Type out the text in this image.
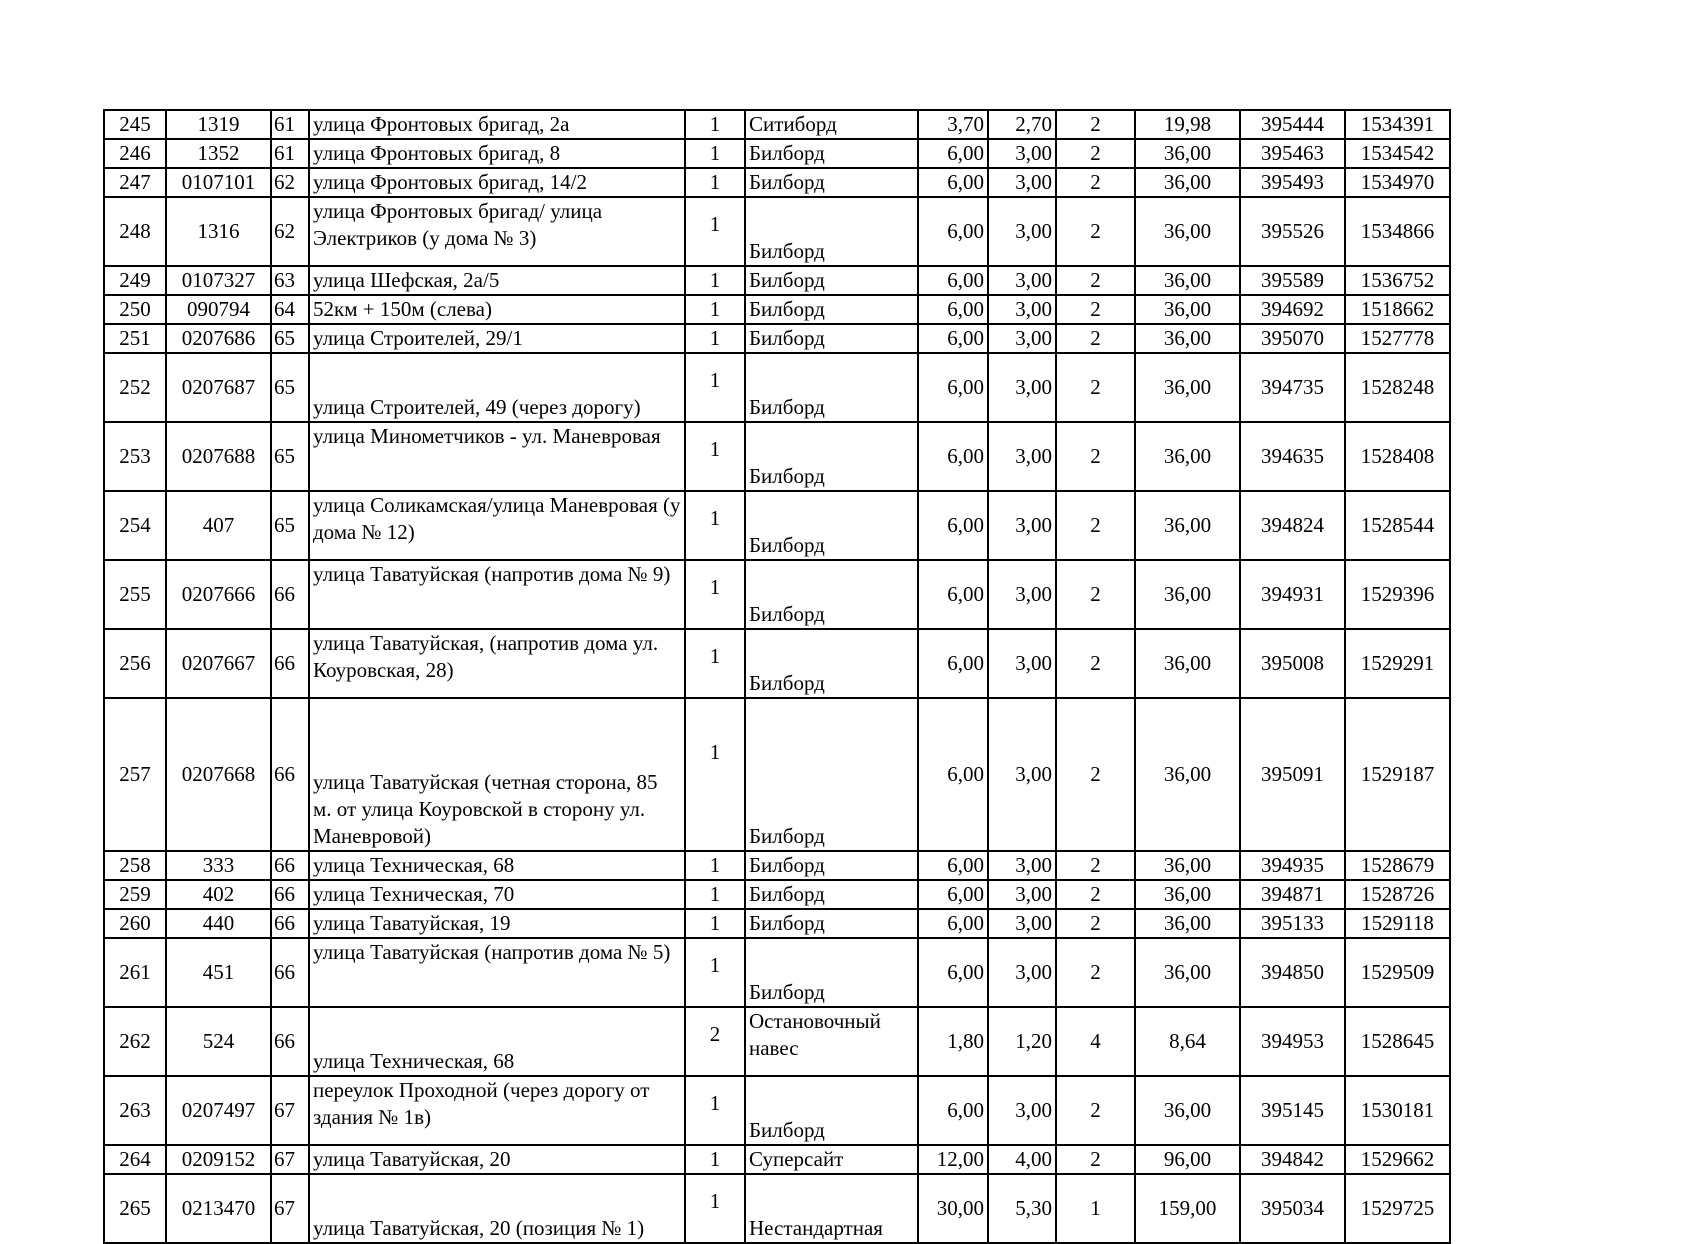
245	1319	61	улица Фронтовых бригад, 2а	1	Ситиборд	3,70	2,70	2	19,98	395444	1534391
246	1352	61	улица Фронтовых бригад, 8	1	Билборд	6,00	3,00	2	36,00	395463	1534542
247	0107101	62	улица Фронтовых бригад, 14/2	1	Билборд	6,00	3,00	2	36,00	395493	1534970
248	1316	62	улица Фронтовых бригад/ улица Электриков (у дома № 3)	1	Билборд	6,00	3,00	2	36,00	395526	1534866
249	0107327	63	улица Шефская, 2а/5	1	Билборд	6,00	3,00	2	36,00	395589	1536752
250	090794	64	52км + 150м (слева)	1	Билборд	6,00	3,00	2	36,00	394692	1518662
251	0207686	65	улица Строителей, 29/1	1	Билборд	6,00	3,00	2	36,00	395070	1527778
252	0207687	65	улица Строителей, 49 (через дорогу)	1	Билборд	6,00	3,00	2	36,00	394735	1528248
253	0207688	65	улица Минометчиков - ул. Маневровая	1	Билборд	6,00	3,00	2	36,00	394635	1528408
254	407	65	улица Соликамская/улица Маневровая (у дома № 12)	1	Билборд	6,00	3,00	2	36,00	394824	1528544
255	0207666	66	улица Таватуйская (напротив дома № 9)	1	Билборд	6,00	3,00	2	36,00	394931	1529396
256	0207667	66	улица Таватуйская, (напротив дома ул. Коуровская, 28)	1	Билборд	6,00	3,00	2	36,00	395008	1529291
257	0207668	66	улица Таватуйская (четная сторона, 85 м. от улица Коуровской в сторону ул. Маневровой)	1	Билборд	6,00	3,00	2	36,00	395091	1529187
258	333	66	улица Техническая, 68	1	Билборд	6,00	3,00	2	36,00	394935	1528679
259	402	66	улица Техническая, 70	1	Билборд	6,00	3,00	2	36,00	394871	1528726
260	440	66	улица Таватуйская, 19	1	Билборд	6,00	3,00	2	36,00	395133	1529118
261	451	66	улица Таватуйская (напротив дома № 5)	1	Билборд	6,00	3,00	2	36,00	394850	1529509
262	524	66	улица Техническая, 68	2	Остановочный навес	1,80	1,20	4	8,64	394953	1528645
263	0207497	67	переулок Проходной (через дорогу от здания № 1в)	1	Билборд	6,00	3,00	2	36,00	395145	1530181
264	0209152	67	улица Таватуйская, 20	1	Суперсайт	12,00	4,00	2	96,00	394842	1529662
265	0213470	67	улица Таватуйская, 20 (позиция № 1)	1	Нестандартная	30,00	5,30	1	159,00	395034	1529725
